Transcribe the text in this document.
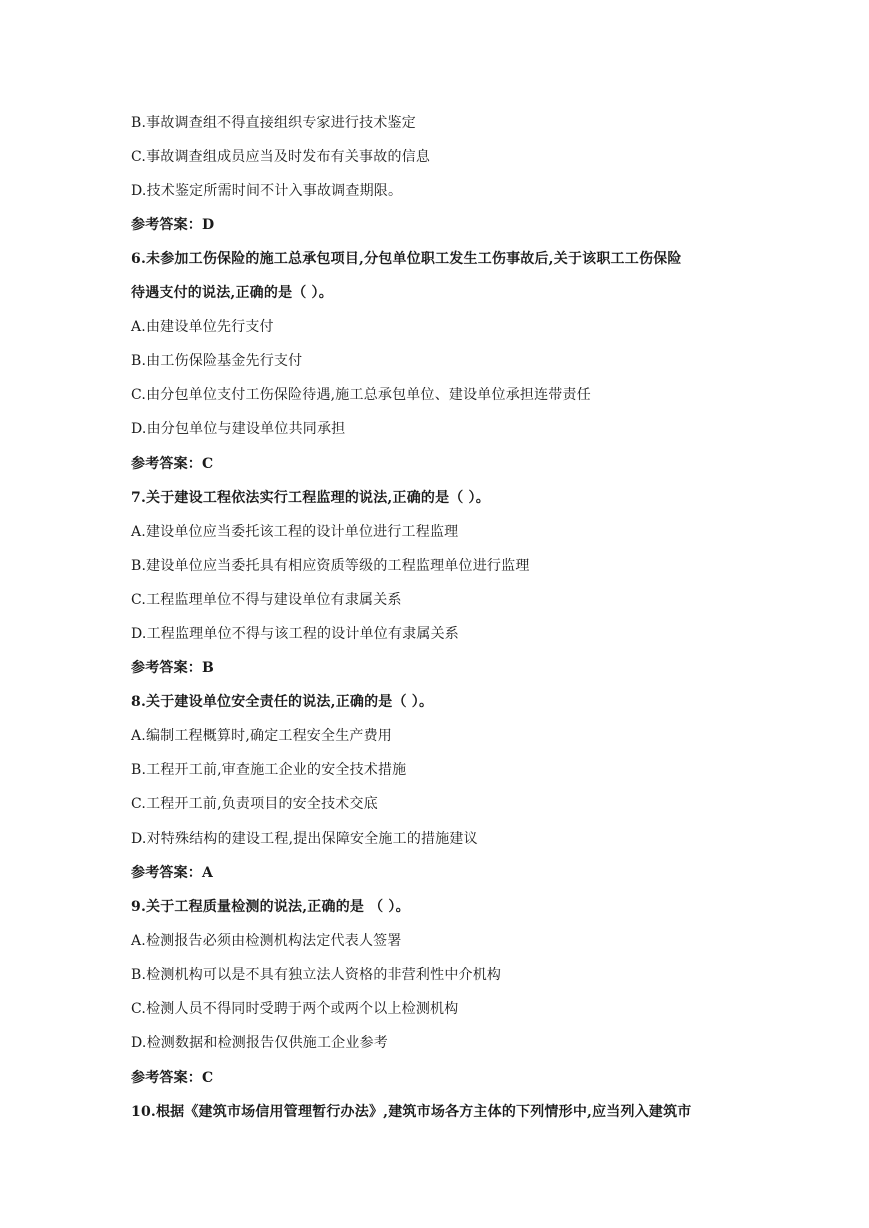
B.事故调查组不得直接组织专家进行技术鉴定
C.事故调查组成员应当及时发布有关事故的信息
D.技术鉴定所需时间不计入事故调查期限。
参考答案：D
6.未参加工伤保险的施工总承包项目,分包单位职工发生工伤事故后,关于该职工工伤保险
待遇支付的说法,正确的是（ ）。
A.由建设单位先行支付
B.由工伤保险基金先行支付
C.由分包单位支付工伤保险待遇,施工总承包单位、建设单位承担连带责任
D.由分包单位与建设单位共同承担
参考答案：C
7.关于建设工程依法实行工程监理的说法,正确的是（ ）。
A.建设单位应当委托该工程的设计单位进行工程监理
B.建设单位应当委托具有相应资质等级的工程监理单位进行监理
C.工程监理单位不得与建设单位有隶属关系
D.工程监理单位不得与该工程的设计单位有隶属关系
参考答案：B
8.关于建设单位安全责任的说法,正确的是（ ）。
A.编制工程概算时,确定工程安全生产费用
B.工程开工前,审查施工企业的安全技术措施
C.工程开工前,负责项目的安全技术交底
D.对特殊结构的建设工程,提出保障安全施工的措施建议
参考答案：A
9.关于工程质量检测的说法,正确的是 （ ）。
A.检测报告必须由检测机构法定代表人签署
B.检测机构可以是不具有独立法人资格的非营利性中介机构
C.检测人员不得同时受聘于两个或两个以上检测机构
D.检测数据和检测报告仅供施工企业参考
参考答案：C
10.根据《建筑市场信用管理暂行办法》,建筑市场各方主体的下列情形中,应当列入建筑市
